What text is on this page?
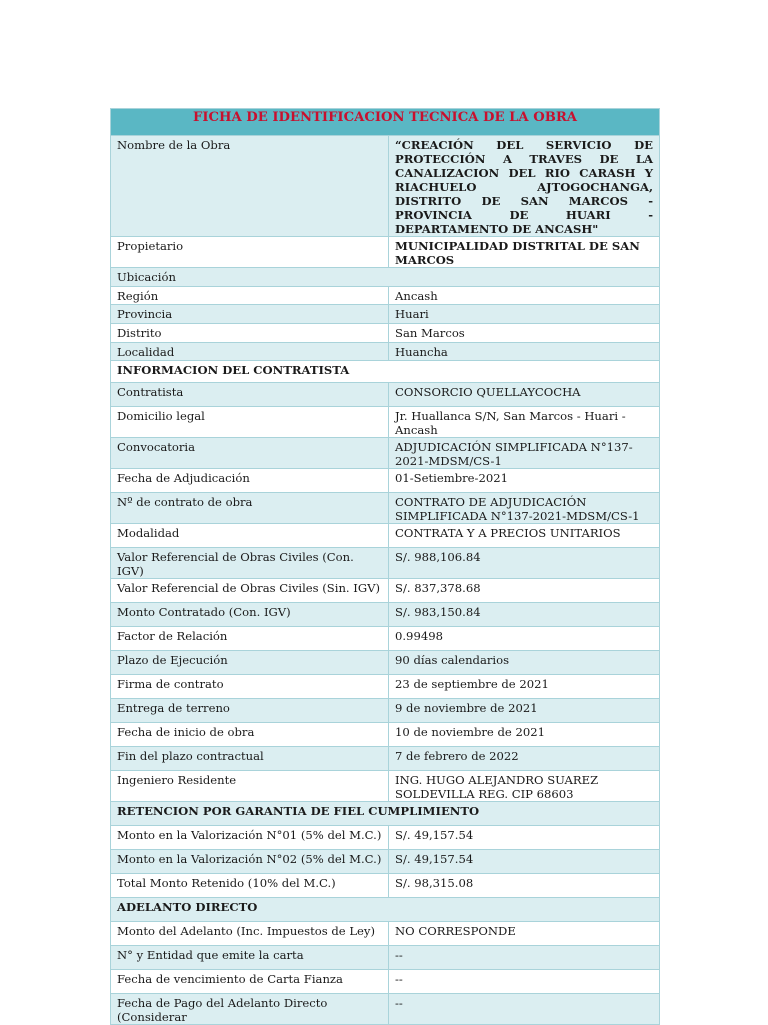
FICHA DE IDENTIFICACION TECNICA DE LA OBRA	
Nombre de la Obra	“CREACIÓN DEL SERVICIO DE PROTECCIÓN A TRAVES DE LA CANALIZACION DEL RIO CARASH Y RIACHUELO AJTOGOCHANGA, DISTRITO DE SAN MARCOS - PROVINCIA DE HUARI - DEPARTAMENTO DE ANCASH"
Propietario	MUNICIPALIDAD DISTRITAL DE SAN MARCOS
Ubicación	
Región	Ancash
Provincia	Huari
Distrito	San Marcos
Localidad	Huancha
INFORMACION DEL CONTRATISTA	
Contratista	CONSORCIO QUELLAYCOCHA
Domicilio legal	Jr. Huallanca S/N, San Marcos - Huari - Ancash
Convocatoria	ADJUDICACIÓN SIMPLIFICADA N°137-2021-MDSM/CS-1
Fecha de Adjudicación	01-Setiembre-2021
Nº de contrato de obra	CONTRATO DE ADJUDICACIÓN SIMPLIFICADA N°137-2021-MDSM/CS-1
Modalidad	CONTRATA Y A PRECIOS UNITARIOS
Valor Referencial de Obras Civiles (Con. IGV)	S/. 988,106.84
Valor Referencial de Obras Civiles (Sin. IGV)	S/. 837,378.68
Monto Contratado (Con. IGV)	S/. 983,150.84
Factor de Relación	0.99498
Plazo de Ejecución	90 días calendarios
Firma de contrato	23 de septiembre de 2021
Entrega de terreno	9 de noviembre de 2021
Fecha de inicio de obra	10 de noviembre de 2021
Fin del plazo contractual	7 de febrero de 2022
Ingeniero Residente	ING. HUGO ALEJANDRO SUAREZ SOLDEVILLA REG. CIP 68603
RETENCION POR GARANTIA DE FIEL CUMPLIMIENTO	
Monto en la Valorización N°01 (5% del M.C.)	S/. 49,157.54
Monto en la Valorización N°02 (5% del M.C.)	S/. 49,157.54
Total Monto Retenido (10% del M.C.)	S/. 98,315.08
ADELANTO DIRECTO	
Monto del Adelanto (Inc. Impuestos de Ley)	NO CORRESPONDE
N° y Entidad que emite la carta	--
Fecha de vencimiento de Carta Fianza	--
Fecha de Pago del Adelanto Directo (Considerar	--
